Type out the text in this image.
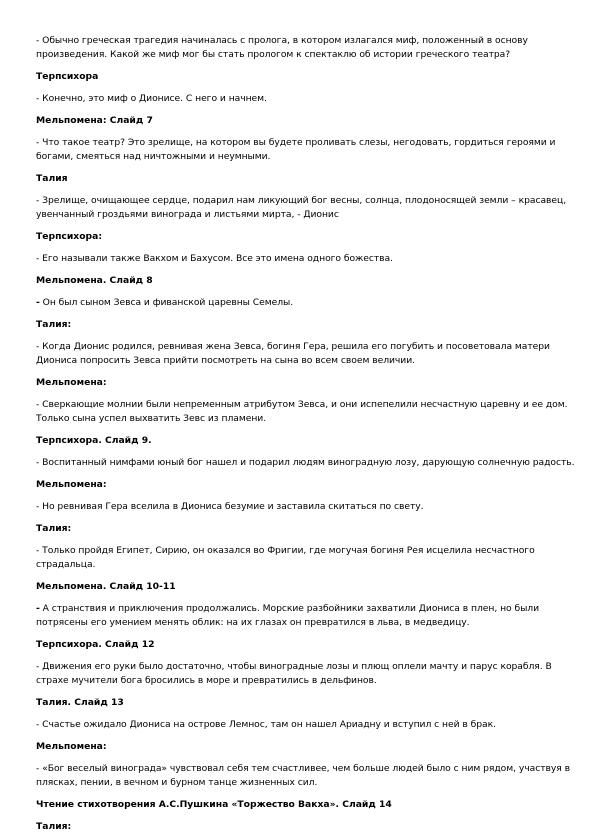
- Обычно греческая трагедия начиналась с пролога, в котором излагался миф, положенный в основу произведения. Какой же миф мог бы стать прологом к спектаклю об истории греческого театра?

Терпсихора

- Конечно, это миф о Дионисе. С него и начнем.

Мельпомена: Слайд 7

- Что такое театр? Это зрелище, на котором вы будете проливать слезы, негодовать, гордиться героями и богами, смеяться над ничтожными и неумными.

Талия

- Зрелище, очищающее сердце, подарил нам ликующий бог весны, солнца, плодоносящей земли – красавец, увенчанный гроздьями винограда и листьями мирта, - Дионис

Терпсихора:

- Его называли также Вакхом и Бахусом. Все это имена одного божества.

Мельпомена. Слайд 8

- Он был сыном Зевса и фиванской царевны Семелы.

Талия:

- Когда Дионис родился, ревнивая жена Зевса, богиня Гера, решила его погубить и посоветовала матери Диониса попросить Зевса прийти посмотреть на сына во всем своем величии.

Мельпомена:

- Сверкающие молнии были непременным атрибутом Зевса, и они испепелили несчастную царевну и ее дом. Только сына успел выхватить Зевс из пламени.

Терпсихора. Слайд 9.

- Воспитанный нимфами юный бог нашел и подарил людям виноградную лозу, дарующую солнечную радость.

Мельпомена:

- Но ревнивая Гера вселила в Диониса безумие и заставила скитаться по свету.

Талия:

- Только пройдя Египет, Сирию, он оказался во Фригии, где могучая богиня Рея исцелила несчастного страдальца.

Мельпомена. Слайд 10-11

- А странствия и приключения продолжались. Морские разбойники захватили Диониса в плен, но были потрясены его умением менять облик: на их глазах он превратился в льва, в медведицу.

Терпсихора. Слайд 12

- Движения его руки было достаточно, чтобы виноградные лозы и плющ оплели мачту и парус корабля. В страхе мучители бога бросились в море и превратились в дельфинов.

Талия. Слайд 13

- Счастье ожидало Диониса на острове Лемнос, там он нашел Ариадну и вступил с ней в брак.

Мельпомена:

- «Бог веселый винограда» чувствовал себя тем счастливее, чем больше людей было с ним рядом, участвуя в плясках, пении, в вечном и бурном танце жизненных сил.

Чтение стихотворения А.С.Пушкина «Торжество Вакха». Слайд 14

Талия:
